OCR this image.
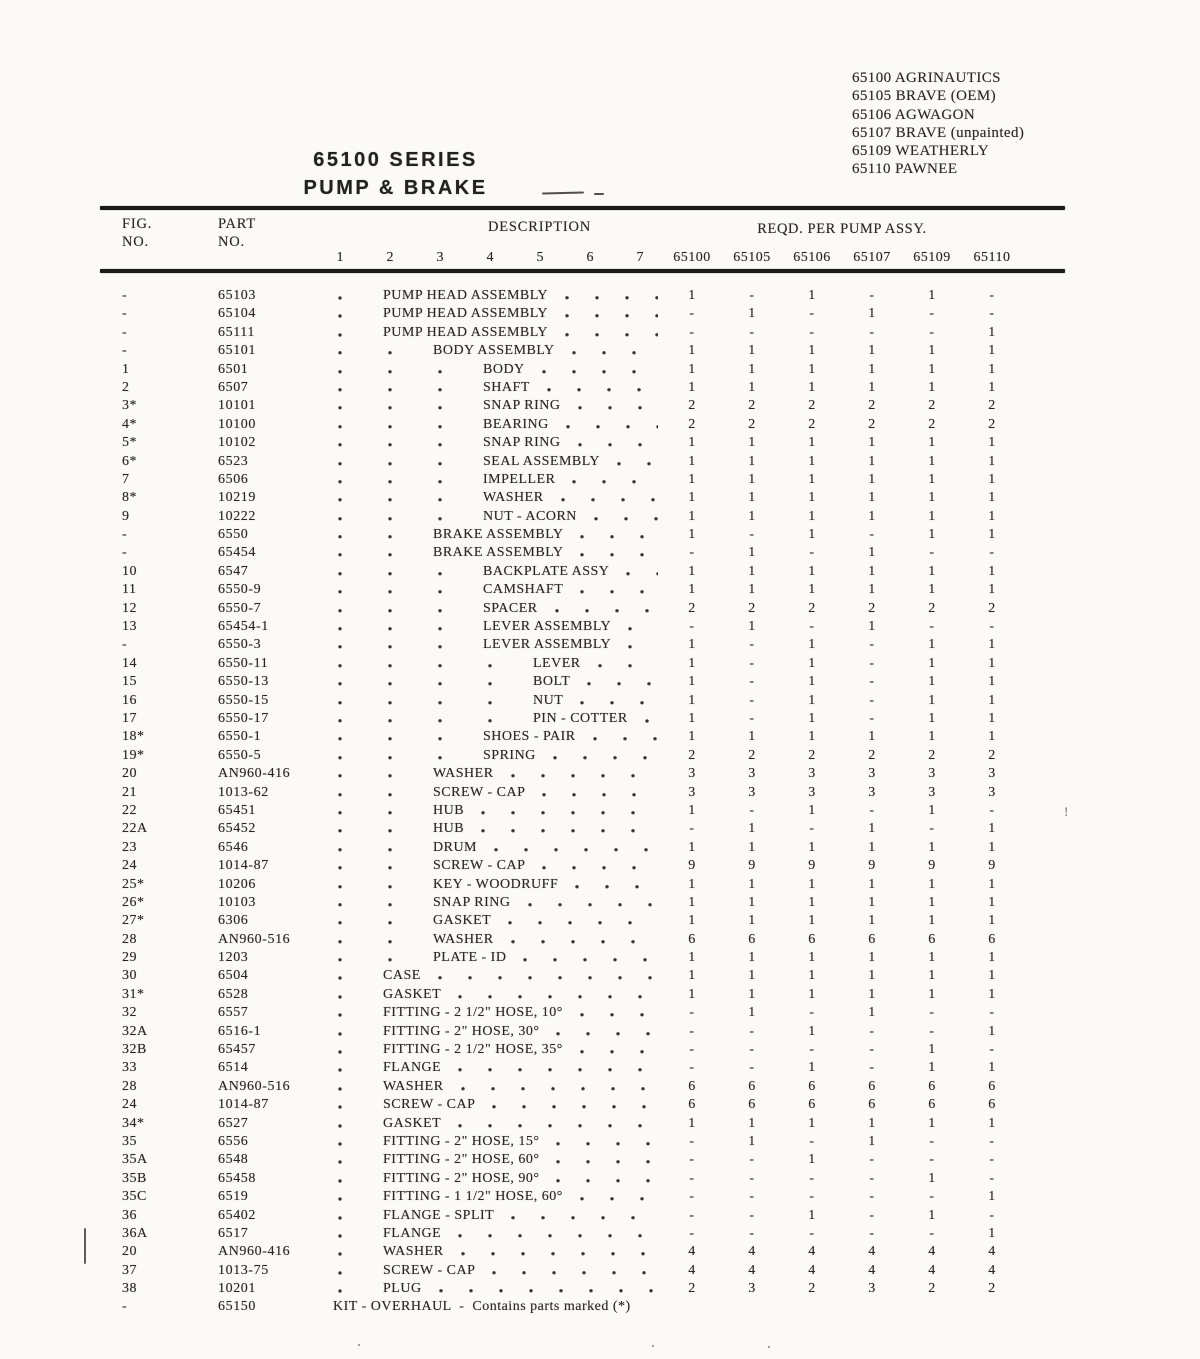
65100 AGRINAUTICS
65105 BRAVE (OEM)
65106 AGWAGON
65107 BRAVE (unpainted)
65109 WEATHERLY
65110 PAWNEE
65100 SERIES
PUMP & BRAKE
FIG.
NO.
PART
NO.
DESCRIPTION	REQD. PER PUMP ASSY.
1	2	3	4	5	6	7	65100	65105	65106	65107	65109	65110
-	65103	PUMP HEAD ASSEMBLY	1	-	1	-	1	-
-	65104	PUMP HEAD ASSEMBLY	-	1	-	1	-	-
-	65111	PUMP HEAD ASSEMBLY	-	-	-	-	-	1
-	65101	BODY ASSEMBLY	1	1	1	1	1	1
1	6501	BODY	1	1	1	1	1	1
2	6507	SHAFT	1	1	1	1	1	1
3*	10101	SNAP RING	2	2	2	2	2	2
4*	10100	BEARING	2	2	2	2	2	2
5*	10102	SNAP RING	1	1	1	1	1	1
6*	6523	SEAL ASSEMBLY	1	1	1	1	1	1
7	6506	IMPELLER	1	1	1	1	1	1
8*	10219	WASHER	1	1	1	1	1	1
9	10222	NUT - ACORN	1	1	1	1	1	1
-	6550	BRAKE ASSEMBLY	1	-	1	-	1	1
-	65454	BRAKE ASSEMBLY	-	1	-	1	-	-
10	6547	BACKPLATE ASSY	1	1	1	1	1	1
11	6550-9	CAMSHAFT	1	1	1	1	1	1
12	6550-7	SPACER	2	2	2	2	2	2
13	65454-1	LEVER ASSEMBLY	-	1	-	1	-	-
-	6550-3	LEVER ASSEMBLY	1	-	1	-	1	1
14	6550-11	LEVER	1	-	1	-	1	1
15	6550-13	BOLT	1	-	1	-	1	1
16	6550-15	NUT	1	-	1	-	1	1
17	6550-17	PIN - COTTER	1	-	1	-	1	1
18*	6550-1	SHOES - PAIR	1	1	1	1	1	1
19*	6550-5	SPRING	2	2	2	2	2	2
20	AN960-416	WASHER	3	3	3	3	3	3
21	1013-62	SCREW - CAP	3	3	3	3	3	3
22	65451	HUB	1	-	1	-	1	-
22A	65452	HUB	-	1	-	1	-	1
23	6546	DRUM	1	1	1	1	1	1
24	1014-87	SCREW - CAP	9	9	9	9	9	9
25*	10206	KEY - WOODRUFF	1	1	1	1	1	1
26*	10103	SNAP RING	1	1	1	1	1	1
27*	6306	GASKET	1	1	1	1	1	1
28	AN960-516	WASHER	6	6	6	6	6	6
29	1203	PLATE - ID	1	1	1	1	1	1
30	6504	CASE	1	1	1	1	1	1
31*	6528	GASKET	1	1	1	1	1	1
32	6557	FITTING - 2 1/2" HOSE, 10°	-	1	-	1	-	-
32A	6516-1	FITTING - 2" HOSE, 30°	-	-	1	-	-	1
32B	65457	FITTING - 2 1/2" HOSE, 35°	-	-	-	-	1	-
33	6514	FLANGE	-	-	1	-	1	1
28	AN960-516	WASHER	6	6	6	6	6	6
24	1014-87	SCREW - CAP	6	6	6	6	6	6
34*	6527	GASKET	1	1	1	1	1	1
35	6556	FITTING - 2" HOSE, 15°	-	1	-	1	-	-
35A	6548	FITTING - 2" HOSE, 60°	-	-	1	-	-	-
35B	65458	FITTING - 2" HOSE, 90°	-	-	-	-	1	-
35C	6519	FITTING - 1 1/2" HOSE, 60°	-	-	-	-	-	1
36	65402	FLANGE - SPLIT	-	-	1	-	1	-
36A	6517	FLANGE	-	-	-	-	-	1
20	AN960-416	WASHER	4	4	4	4	4	4
37	1013-75	SCREW - CAP	4	4	4	4	4	4
38	10201	PLUG	2	3	2	3	2	2
-	65150	KIT - OVERHAUL  -  Contains parts marked (*)
!
